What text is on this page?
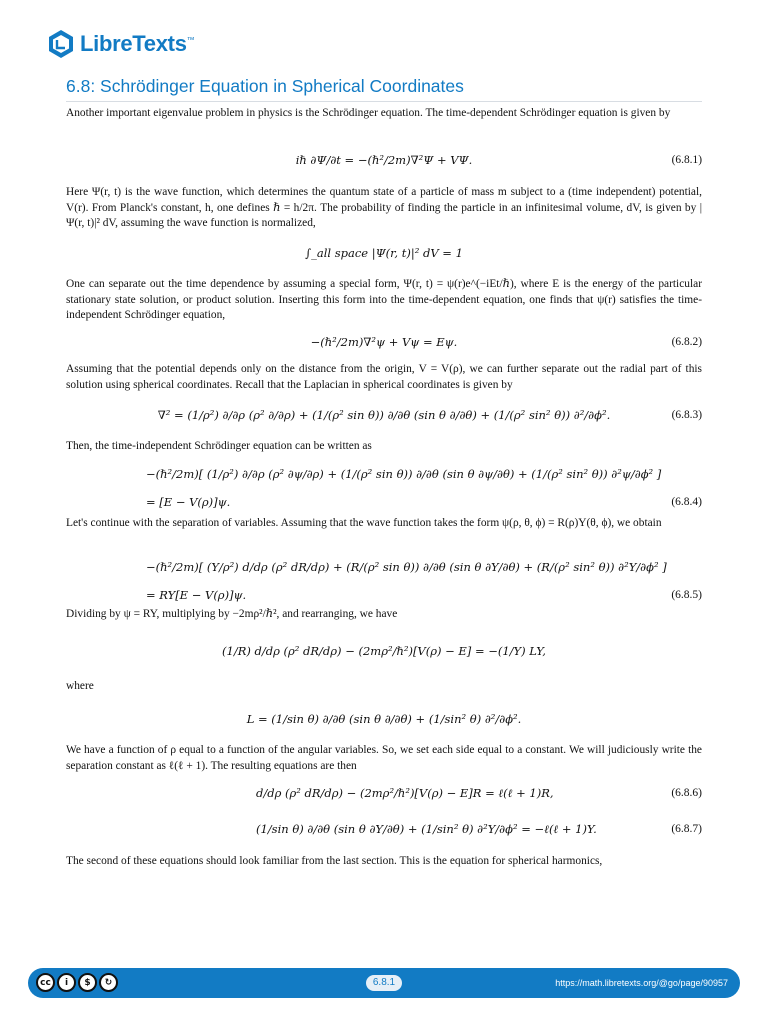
LibreTexts™
6.8: Schrödinger Equation in Spherical Coordinates

Another important eigenvalue problem in physics is the Schrödinger equation. The time-dependent Schrödinger equation is given by

iℏ ∂Ψ/∂t = −(ℏ²/2m)∇²Ψ + VΨ.	(6.8.1)

Here Ψ(r, t) is the wave function, which determines the quantum state of a particle of mass m subject to a (time independent) potential, V(r). From Planck's constant, h, one defines ℏ = h/2π. The probability of finding the particle in an infinitesimal volume, dV, is given by |Ψ(r, t)|² dV, assuming the wave function is normalized,

∫_all space |Ψ(r, t)|² dV = 1

One can separate out the time dependence by assuming a special form, Ψ(r, t) = ψ(r)e^(−iEt/ℏ), where E is the energy of the particular stationary state solution, or product solution. Inserting this form into the time-dependent equation, one finds that ψ(r) satisfies the time-independent Schrödinger equation,

−(ℏ²/2m)∇²ψ + Vψ = Eψ.	(6.8.2)

Assuming that the potential depends only on the distance from the origin, V = V(ρ), we can further separate out the radial part of this solution using spherical coordinates. Recall that the Laplacian in spherical coordinates is given by

∇² = (1/ρ²) ∂/∂ρ (ρ² ∂/∂ρ) + (1/(ρ² sin θ)) ∂/∂θ (sin θ ∂/∂θ) + (1/(ρ² sin² θ)) ∂²/∂ϕ².	(6.8.3)

Then, the time-independent Schrödinger equation can be written as

−(ℏ²/2m)[ (1/ρ²) ∂/∂ρ (ρ² ∂ψ/∂ρ) + (1/(ρ² sin θ)) ∂/∂θ (sin θ ∂ψ/∂θ) + (1/(ρ² sin² θ)) ∂²ψ/∂ϕ² ]
= [E − V(ρ)]ψ.	(6.8.4)

Let's continue with the separation of variables. Assuming that the wave function takes the form ψ(ρ, θ, ϕ) = R(ρ)Y(θ, ϕ), we obtain

−(ℏ²/2m)[ (Y/ρ²) d/dρ (ρ² dR/dρ) + (R/(ρ² sin θ)) ∂/∂θ (sin θ ∂Y/∂θ) + (R/(ρ² sin² θ)) ∂²Y/∂ϕ² ]
= RY[E − V(ρ)]ψ.	(6.8.5)

Dividing by ψ = RY, multiplying by −2mρ²/ℏ², and rearranging, we have

(1/R) d/dρ (ρ² dR/dρ) − (2mρ²/ℏ²)[V(ρ) − E] = −(1/Y) LY,

where

L = (1/sin θ) ∂/∂θ (sin θ ∂/∂θ) + (1/sin² θ) ∂²/∂ϕ².

We have a function of ρ equal to a function of the angular variables. So, we set each side equal to a constant. We will judiciously write the separation constant as ℓ(ℓ + 1). The resulting equations are then

d/dρ (ρ² dR/dρ) − (2mρ²/ℏ²)[V(ρ) − E]R = ℓ(ℓ + 1)R,	(6.8.6)
(1/sin θ) ∂/∂θ (sin θ ∂Y/∂θ) + (1/sin² θ) ∂²Y/∂ϕ² = −ℓ(ℓ + 1)Y.	(6.8.7)

The second of these equations should look familiar from the last section. This is the equation for spherical harmonics,

cc	i	$	↻	6.8.1	https://math.libretexts.org/@go/page/90957
